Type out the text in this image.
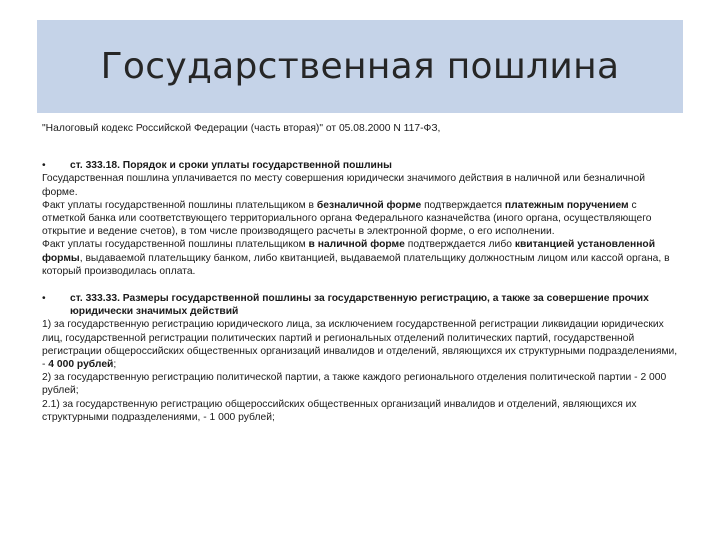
Государственная пошлина

"Налоговый кодекс Российской Федерации (часть вторая)" от 05.08.2000 N 117-ФЗ,

•	ст. 333.18. Порядок и сроки уплаты государственной пошлины

Государственная пошлина уплачивается по месту совершения юридически значимого действия в наличной или безналичной форме.

Факт уплаты государственной пошлины плательщиком в безналичной форме подтверждается платежным поручением с отметкой банка или соответствующего территориального органа Федерального казначейства (иного органа, осуществляющего открытие и ведение счетов), в том числе производящего расчеты в электронной форме, о его исполнении.

Факт уплаты государственной пошлины плательщиком в наличной форме подтверждается либо квитанцией установленной формы, выдаваемой плательщику банком, либо квитанцией, выдаваемой плательщику должностным лицом или кассой органа, в который производилась оплата.

•	ст. 333.33. Размеры государственной пошлины за государственную регистрацию, а также за совершение прочих юридически значимых действий

1) за государственную регистрацию юридического лица, за исключением государственной регистрации ликвидации юридических лиц, государственной регистрации политических партий и региональных отделений политических партий, государственной регистрации общероссийских общественных организаций инвалидов и отделений, являющихся их структурными подразделениями, - 4 000 рублей;

2) за государственную регистрацию политической партии, а также каждого регионального отделения политической партии - 2 000 рублей;

2.1) за государственную регистрацию общероссийских общественных организаций инвалидов и отделений, являющихся их структурными подразделениями, - 1 000 рублей;
